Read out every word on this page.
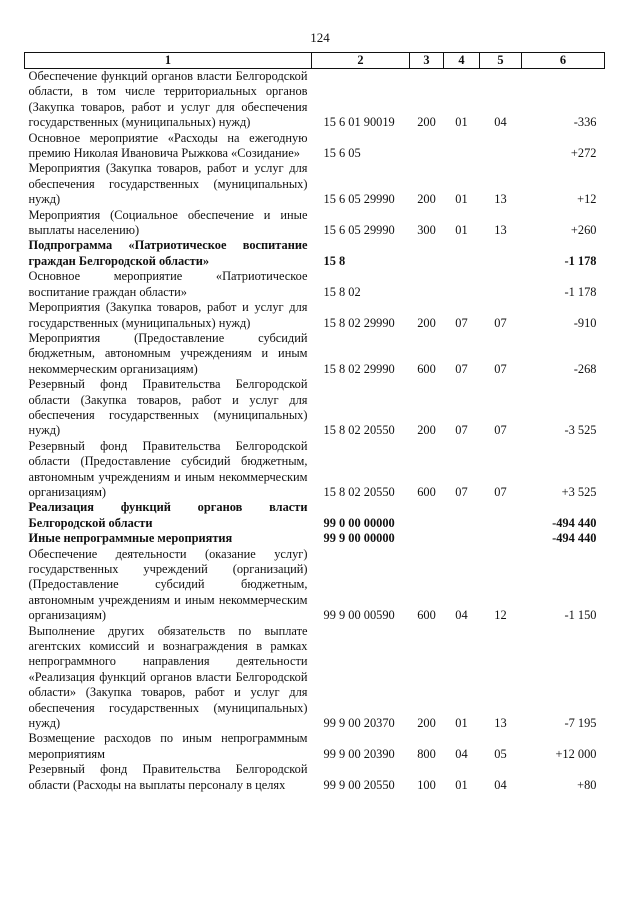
124
1	2	3	4	5	6
Обеспечение функций органов власти Белгородской области, в том числе территориальных органов (Закупка товаров, работ и услуг для обеспечения государственных (муниципальных) нужд)	15 6 01 90019	200	01	04	-336
Основное мероприятие «Расходы на ежегодную премию Николая Ивановича Рыжкова «Созидание»	15 6 05				+272
Мероприятия (Закупка товаров, работ и услуг для обеспечения государственных (муниципальных) нужд)	15 6 05 29990	200	01	13	+12
Мероприятия (Социальное обеспечение и иные выплаты населению)	15 6 05 29990	300	01	13	+260
Подпрограмма «Патриотическое воспитание граждан Белгородской области»	15 8				-1 178
Основное мероприятие «Патриотическое воспитание граждан области»	15 8 02				-1 178
Мероприятия (Закупка товаров, работ и услуг для государственных (муниципальных) нужд)	15 8 02 29990	200	07	07	-910
Мероприятия (Предоставление субсидий бюджетным, автономным учреждениям и иным некоммерческим организациям)	15 8 02 29990	600	07	07	-268
Резервный фонд Правительства Белгородской области (Закупка товаров, работ и услуг для обеспечения государственных (муниципальных) нужд)	15 8 02 20550	200	07	07	-3 525
Резервный фонд Правительства Белгородской области (Предоставление субсидий бюджетным, автономным учреждениям и иным некоммерческим организациям)	15 8 02 20550	600	07	07	+3 525
Реализация функций органов власти Белгородской области	99 0 00 00000				-494 440
Иные непрограммные мероприятия	99 9 00 00000				-494 440
Обеспечение деятельности (оказание услуг) государственных учреждений (организаций) (Предоставление субсидий бюджетным, автономным учреждениям и иным некоммерческим организациям)	99 9 00 00590	600	04	12	-1 150
Выполнение других обязательств по выплате агентских комиссий и вознаграждения в рамках непрограммного направления деятельности «Реализация функций органов власти Белгородской области» (Закупка товаров, работ и услуг для обеспечения государственных (муниципальных) нужд)	99 9 00 20370	200	01	13	-7 195
Возмещение расходов по иным непрограммным мероприятиям	99 9 00 20390	800	04	05	+12 000
Резервный фонд Правительства Белгородской области (Расходы на выплаты персоналу в целях	99 9 00 20550	100	01	04	+80
